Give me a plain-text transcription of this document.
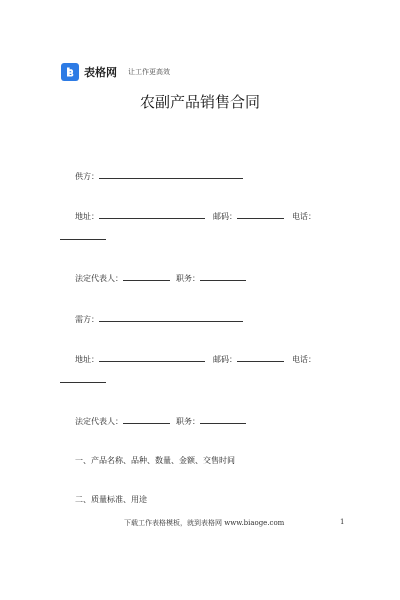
表格网 让工作更高效
农副产品销售合同
供方：
地址：	邮码：	电话：
法定代表人：	职务：
需方：
地址：	邮码：	电话：
法定代表人：	职务：
一、产品名称、品种、数量、金额、交售时间
二、质量标准、用途
下载工作表格模板，就到表格网 www.biaoge.com	1
